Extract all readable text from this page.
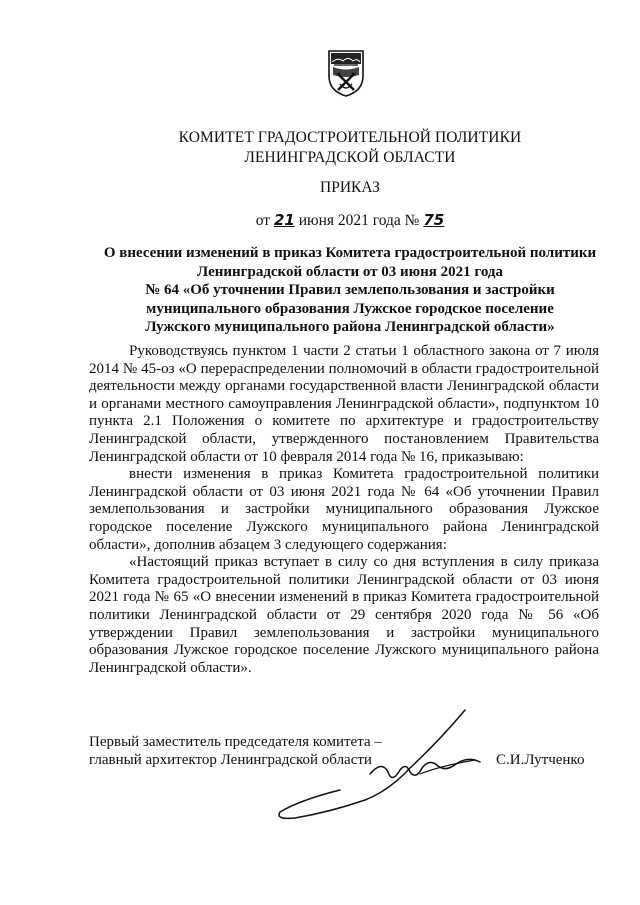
КОМИТЕТ ГРАДОСТРОИТЕЛЬНОЙ ПОЛИТИКИ
ЛЕНИНГРАДСКОЙ ОБЛАСТИ
ПРИКАЗ
от 21 июня 2021 года № 75
О внесении изменений в приказ Комитета градостроительной политики
Ленинградской области от 03 июня 2021 года
№ 64 «Об уточнении Правил землепользования и застройки
муниципального образования Лужское городское поселение
Лужского муниципального района Ленинградской области»

Руководствуясь пунктом 1 части 2 статьи 1 областного закона от 7 июля 2014 № 45-оз «О перераспределении полномочий в области градостроительной деятельности между органами государственной власти Ленинградской области и органами местного самоуправления Ленинградской области», подпунктом 10 пункта 2.1 Положения о комитете по архитектуре и градостроительству Ленинградской области, утвержденного постановлением Правительства Ленинградской области от 10 февраля 2014 года № 16, приказываю:

внести изменения в приказ Комитета градостроительной политики Ленинградской области от 03 июня 2021 года № 64 «Об уточнении Правил землепользования и застройки муниципального образования Лужское городское поселение Лужского муниципального района Ленинградской области», дополнив абзацем 3 следующего содержания:

«Настоящий приказ вступает в силу со дня вступления в силу приказа Комитета градостроительной политики Ленинградской области от 03 июня 2021 года № 65 «О внесении изменений в приказ Комитета градостроительной политики Ленинградской области от 29 сентября 2020 года № 56 «Об утверждении Правил землепользования и застройки муниципального образования Лужское городское поселение Лужского муниципального района Ленинградской области».

Первый заместитель председателя комитета –
главный архитектор Ленинградской области	С.И.Лутченко
